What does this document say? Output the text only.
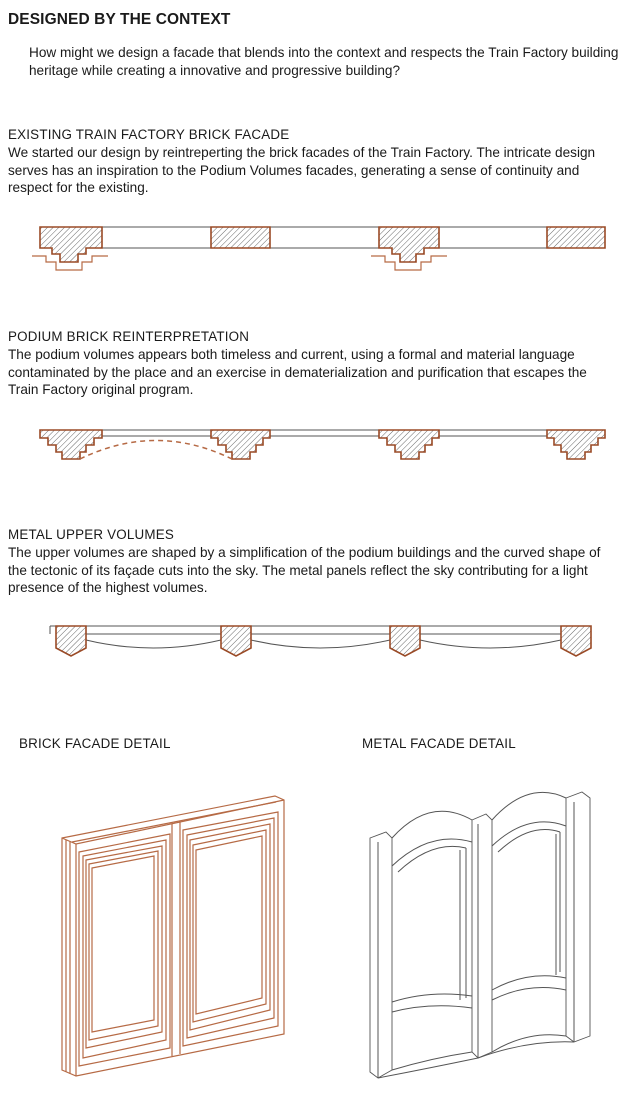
DESIGNED BY THE CONTEXT
How might we design a facade that blends into the context and respects the Train Factory building heritage while creating a innovative and progressive building?
EXISTING TRAIN FACTORY BRICK FACADE
We started our design by reintreperting the brick facades of the Train Factory. The intricate design serves has an inspiration to the Podium Volumes facades, generating a sense of continuity and respect for the existing.
PODIUM BRICK REINTERPRETATION
The podium volumes appears both timeless and current, using a formal and material language contaminated by the place and an exercise in dematerialization and purification that escapes the Train Factory original program.
METAL UPPER VOLUMES
The upper volumes are shaped by a simplification of the podium buildings and the curved shape of the tectonic of its façade cuts into the sky. The metal panels reflect the sky contributing for a light presence of the highest volumes.
BRICK FACADE DETAIL	METAL FACADE DETAIL
